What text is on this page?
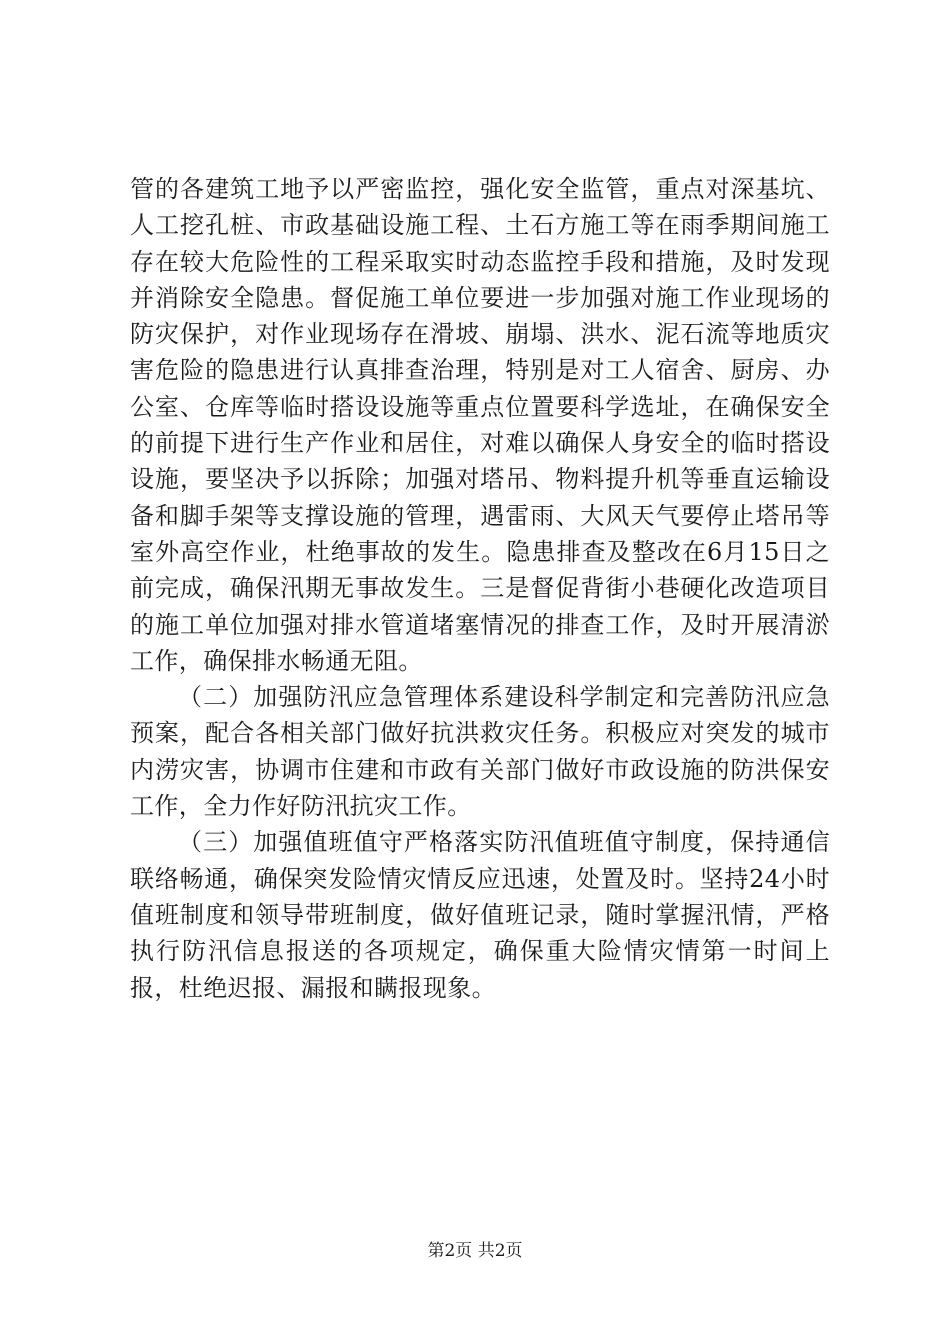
管的各建筑工地予以严密监控，强化安全监管，重点对深基坑、人工挖孔桩、市政基础设施工程、土石方施工等在雨季期间施工存在较大危险性的工程采取实时动态监控手段和措施，及时发现并消除安全隐患。督促施工单位要进一步加强对施工作业现场的防灾保护，对作业现场存在滑坡、崩塌、洪水、泥石流等地质灾害危险的隐患进行认真排查治理，特别是对工人宿舍、厨房、办公室、仓库等临时搭设设施等重点位置要科学选址，在确保安全的前提下进行生产作业和居住，对难以确保人身安全的临时搭设设施，要坚决予以拆除；加强对塔吊、物料提升机等垂直运输设备和脚手架等支撑设施的管理，遇雷雨、大风天气要停止塔吊等室外高空作业，杜绝事故的发生。隐患排查及整改在6月15日之前完成，确保汛期无事故发生。三是督促背街小巷硬化改造项目的施工单位加强对排水管道堵塞情况的排查工作，及时开展清淤工作，确保排水畅通无阻。

（二）加强防汛应急管理体系建设科学制定和完善防汛应急预案，配合各相关部门做好抗洪救灾任务。积极应对突发的城市内涝灾害，协调市住建和市政有关部门做好市政设施的防洪保安工作，全力作好防汛抗灾工作。

（三）加强值班值守严格落实防汛值班值守制度，保持通信联络畅通，确保突发险情灾情反应迅速，处置及时。坚持24小时值班制度和领导带班制度，做好值班记录，随时掌握汛情，严格执行防汛信息报送的各项规定，确保重大险情灾情第一时间上报，杜绝迟报、漏报和瞒报现象。

第2页 共2页
